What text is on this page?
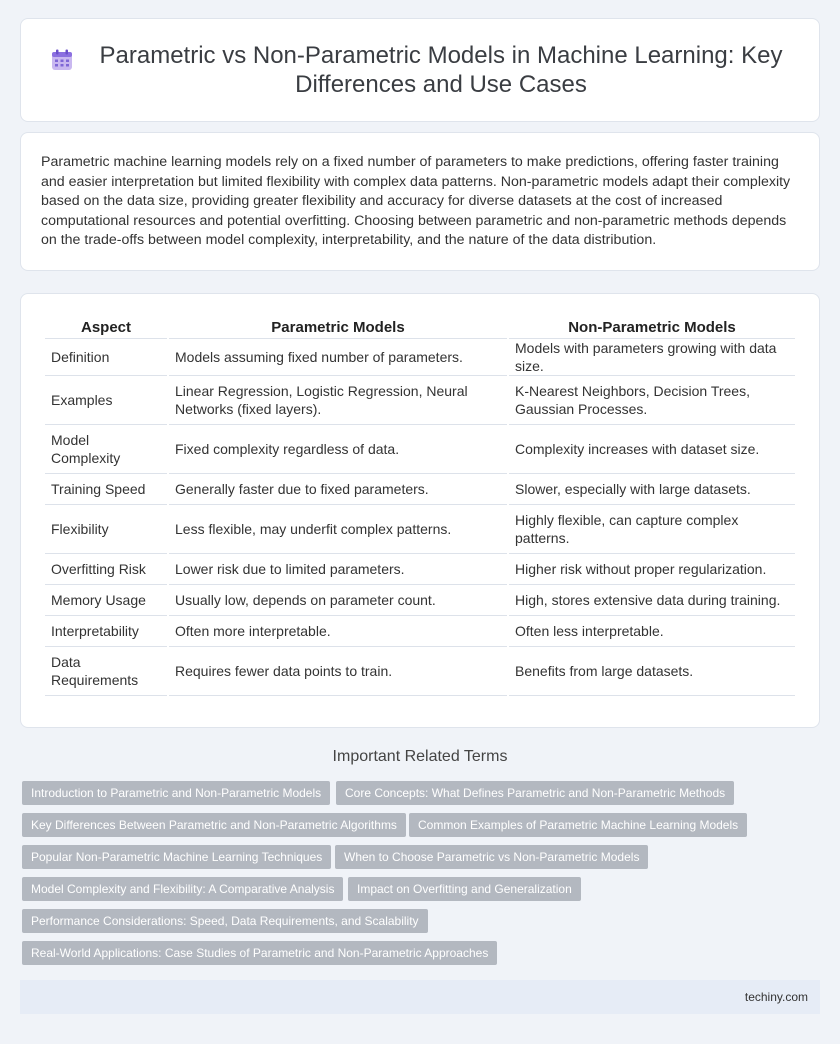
Parametric vs Non-Parametric Models in Machine Learning: Key Differences and Use Cases

Parametric machine learning models rely on a fixed number of parameters to make predictions, offering faster training and easier interpretation but limited flexibility with complex data patterns. Non-parametric models adapt their complexity based on the data size, providing greater flexibility and accuracy for diverse datasets at the cost of increased computational resources and potential overfitting. Choosing between parametric and non-parametric methods depends on the trade-offs between model complexity, interpretability, and the nature of the data distribution.

Aspect	Parametric Models	Non-Parametric Models
Definition	Models assuming fixed number of parameters.	Models with parameters growing with data size.
Examples	Linear Regression, Logistic Regression, Neural Networks (fixed layers).	K-Nearest Neighbors, Decision Trees, Gaussian Processes.
Model Complexity	Fixed complexity regardless of data.	Complexity increases with dataset size.
Training Speed	Generally faster due to fixed parameters.	Slower, especially with large datasets.
Flexibility	Less flexible, may underfit complex patterns.	Highly flexible, can capture complex patterns.
Overfitting Risk	Lower risk due to limited parameters.	Higher risk without proper regularization.
Memory Usage	Usually low, depends on parameter count.	High, stores extensive data during training.
Interpretability	Often more interpretable.	Often less interpretable.
Data Requirements	Requires fewer data points to train.	Benefits from large datasets.
Important Related Terms
Introduction to Parametric and Non-Parametric Models	Core Concepts: What Defines Parametric and Non-Parametric Methods
Key Differences Between Parametric and Non-Parametric Algorithms	Common Examples of Parametric Machine Learning Models
Popular Non-Parametric Machine Learning Techniques	When to Choose Parametric vs Non-Parametric Models
Model Complexity and Flexibility: A Comparative Analysis	Impact on Overfitting and Generalization
Performance Considerations: Speed, Data Requirements, and Scalability
Real-World Applications: Case Studies of Parametric and Non-Parametric Approaches
techiny.com
